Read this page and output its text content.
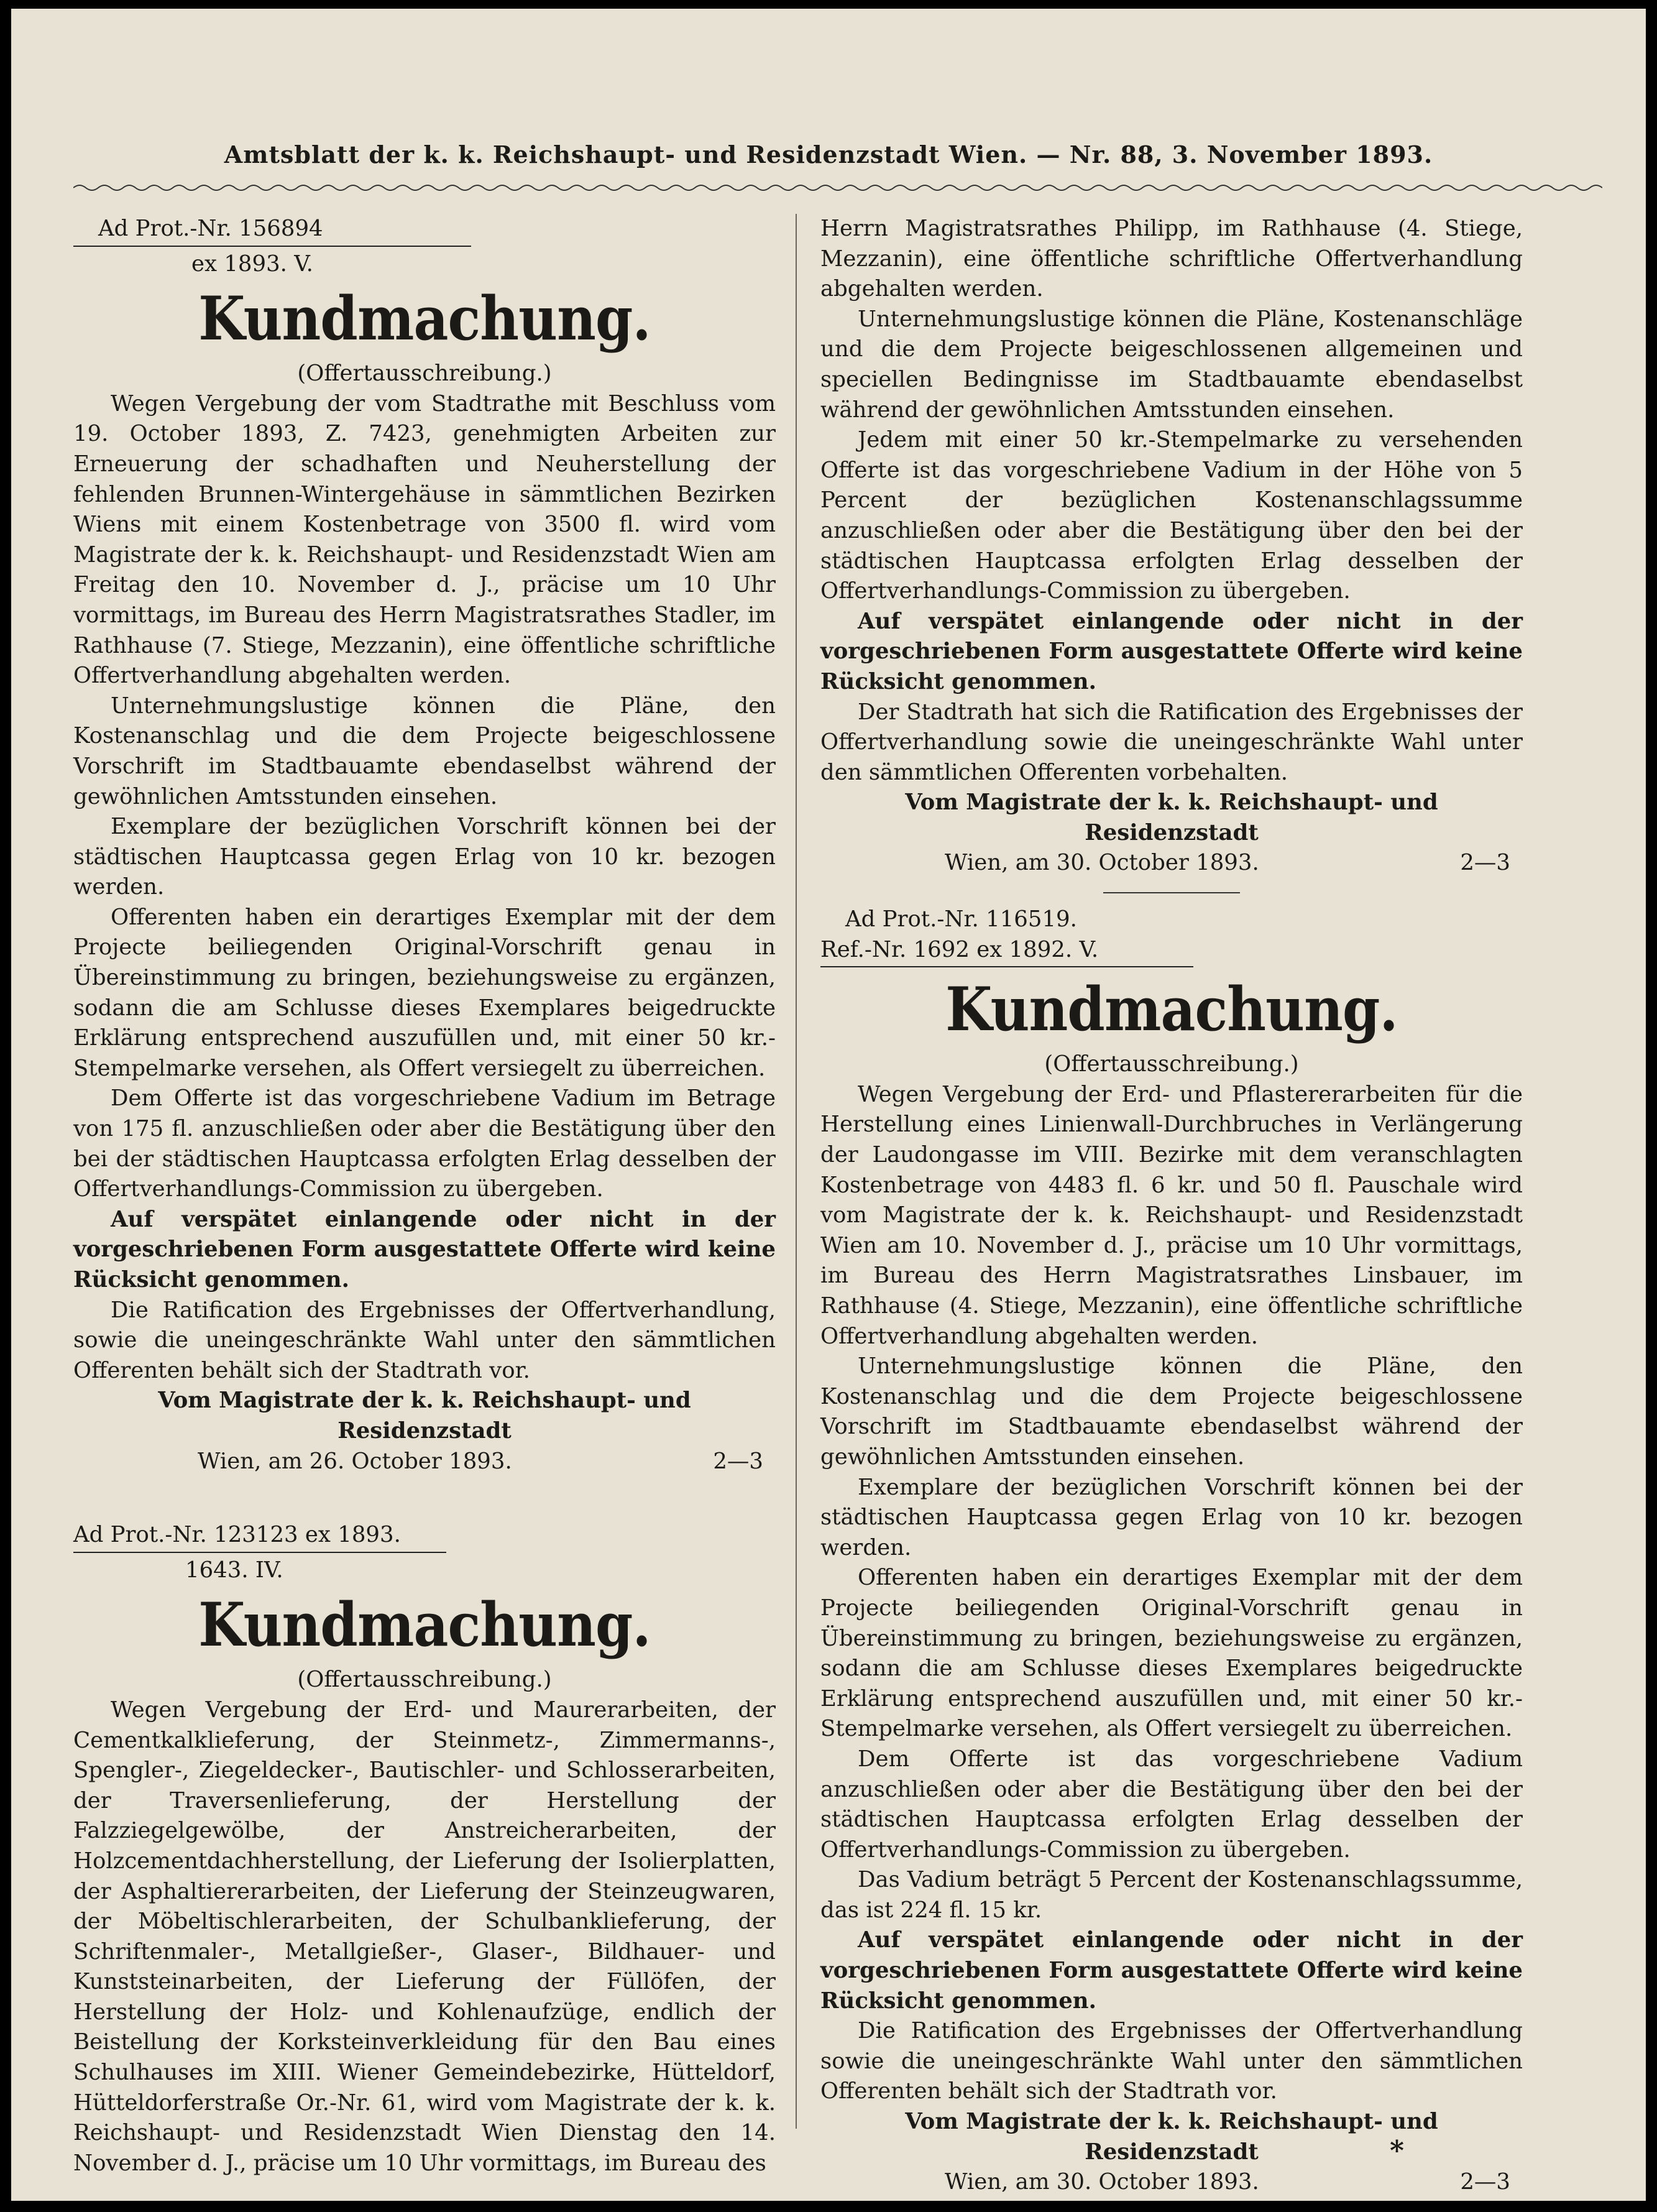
Amtsblatt der k. k. Reichshaupt- und Residenzstadt Wien. — Nr. 88, 3. November 1893.
Ad Prot.-Nr. 156894
ex 1893. V.
Kundmachung.
(Offertausschreibung.)

Wegen Vergebung der vom Stadtrathe mit Beschluss vom 19. October 1893, Z. 7423, genehmigten Arbeiten zur Erneuerung der schadhaften und Neuherstellung der fehlenden Brunnen-Wintergehäuse in sämmtlichen Bezirken Wiens mit einem Kostenbetrage von 3500 fl. wird vom Magistrate der k. k. Reichshaupt- und Residenzstadt Wien am Freitag den 10. November d. J., präcise um 10 Uhr vormittags, im Bureau des Herrn Magistratsrathes Stadler, im Rathhause (7. Stiege, Mezzanin), eine öffentliche schriftliche Offertverhandlung abgehalten werden.

Unternehmungslustige können die Pläne, den Kostenanschlag und die dem Projecte beigeschlossene Vorschrift im Stadtbauamte ebendaselbst während der gewöhnlichen Amtsstunden einsehen.

Exemplare der bezüglichen Vorschrift können bei der städtischen Hauptcassa gegen Erlag von 10 kr. bezogen werden.

Offerenten haben ein derartiges Exemplar mit der dem Projecte beiliegenden Original-Vorschrift genau in Übereinstimmung zu bringen, beziehungsweise zu ergänzen, sodann die am Schlusse dieses Exemplares beigedruckte Erklärung entsprechend auszufüllen und, mit einer 50 kr.-Stempelmarke versehen, als Offert versiegelt zu überreichen.

Dem Offerte ist das vorgeschriebene Vadium im Betrage von 175 fl. anzuschließen oder aber die Bestätigung über den bei der städtischen Hauptcassa erfolgten Erlag desselben der Offertverhandlungs-Commission zu übergeben.

Auf verspätet einlangende oder nicht in der vorgeschriebenen Form ausgestattete Offerte wird keine Rücksicht genommen.

Die Ratification des Ergebnisses der Offertverhandlung, sowie die uneingeschränkte Wahl unter den sämmtlichen Offerenten behält sich der Stadtrath vor.

Vom Magistrate der k. k. Reichshaupt- und Residenzstadt
Wien, am 26. October 1893.	2—3
Ad Prot.-Nr. 123123 ex 1893.
1643. IV.
Kundmachung.
(Offertausschreibung.)

Wegen Vergebung der Erd- und Maurerarbeiten, der Cementkalklieferung, der Steinmetz-, Zimmermanns-, Spengler-, Ziegeldecker-, Bautischler- und Schlosserarbeiten, der Traversenlieferung, der Herstellung der Falzziegelgewölbe, der Anstreicherarbeiten, der Holzcementdachherstellung, der Lieferung der Isolierplatten, der Asphaltiererarbeiten, der Lieferung der Steinzeugwaren, der Möbeltischlerarbeiten, der Schulbanklieferung, der Schriftenmaler-, Metallgießer-, Glaser-, Bildhauer- und Kunststeinarbeiten, der Lieferung der Füllöfen, der Herstellung der Holz- und Kohlenaufzüge, endlich der Beistellung der Korksteinverkleidung für den Bau eines Schulhauses im XIII. Wiener Gemeindebezirke, Hütteldorf, Hütteldorferstraße Or.-Nr. 61, wird vom Magistrate der k. k. Reichshaupt- und Residenzstadt Wien Dienstag den 14. November d. J., präcise um 10 Uhr vormittags, im Bureau des

Herrn Magistratsrathes Philipp, im Rathhause (4. Stiege, Mezzanin), eine öffentliche schriftliche Offertverhandlung abgehalten werden.

Unternehmungslustige können die Pläne, Kostenanschläge und die dem Projecte beigeschlossenen allgemeinen und speciellen Bedingnisse im Stadtbauamte ebendaselbst während der gewöhnlichen Amtsstunden einsehen.

Jedem mit einer 50 kr.-Stempelmarke zu versehenden Offerte ist das vorgeschriebene Vadium in der Höhe von 5 Percent der bezüglichen Kostenanschlagssumme anzuschließen oder aber die Bestätigung über den bei der städtischen Hauptcassa erfolgten Erlag desselben der Offertverhandlungs-Commission zu übergeben.

Auf verspätet einlangende oder nicht in der vorgeschriebenen Form ausgestattete Offerte wird keine Rücksicht genommen.

Der Stadtrath hat sich die Ratification des Ergebnisses der Offertverhandlung sowie die uneingeschränkte Wahl unter den sämmtlichen Offerenten vorbehalten.

Vom Magistrate der k. k. Reichshaupt- und Residenzstadt
Wien, am 30. October 1893.	2—3
Ad Prot.-Nr. 116519.
Ref.-Nr. 1692 ex 1892. V.
Kundmachung.
(Offertausschreibung.)

Wegen Vergebung der Erd- und Pflastererarbeiten für die Herstellung eines Linienwall-Durchbruches in Verlängerung der Laudongasse im VIII. Bezirke mit dem veranschlagten Kostenbetrage von 4483 fl. 6 kr. und 50 fl. Pauschale wird vom Magistrate der k. k. Reichshaupt- und Residenzstadt Wien am 10. November d. J., präcise um 10 Uhr vormittags, im Bureau des Herrn Magistratsrathes Linsbauer, im Rathhause (4. Stiege, Mezzanin), eine öffentliche schriftliche Offertverhandlung abgehalten werden.

Unternehmungslustige können die Pläne, den Kostenanschlag und die dem Projecte beigeschlossene Vorschrift im Stadtbauamte ebendaselbst während der gewöhnlichen Amtsstunden einsehen.

Exemplare der bezüglichen Vorschrift können bei der städtischen Hauptcassa gegen Erlag von 10 kr. bezogen werden.

Offerenten haben ein derartiges Exemplar mit der dem Projecte beiliegenden Original-Vorschrift genau in Übereinstimmung zu bringen, beziehungsweise zu ergänzen, sodann die am Schlusse dieses Exemplares beigedruckte Erklärung entsprechend auszufüllen und, mit einer 50 kr.-Stempelmarke versehen, als Offert versiegelt zu überreichen.

Dem Offerte ist das vorgeschriebene Vadium anzuschließen oder aber die Bestätigung über den bei der städtischen Hauptcassa erfolgten Erlag desselben der Offertverhandlungs-Commission zu übergeben.

Das Vadium beträgt 5 Percent der Kostenanschlagssumme, das ist 224 fl. 15 kr.

Auf verspätet einlangende oder nicht in der vorgeschriebenen Form ausgestattete Offerte wird keine Rücksicht genommen.

Die Ratification des Ergebnisses der Offertverhandlung sowie die uneingeschränkte Wahl unter den sämmtlichen Offerenten behält sich der Stadtrath vor.

Vom Magistrate der k. k. Reichshaupt- und Residenzstadt
Wien, am 30. October 1893.	2—3
*
